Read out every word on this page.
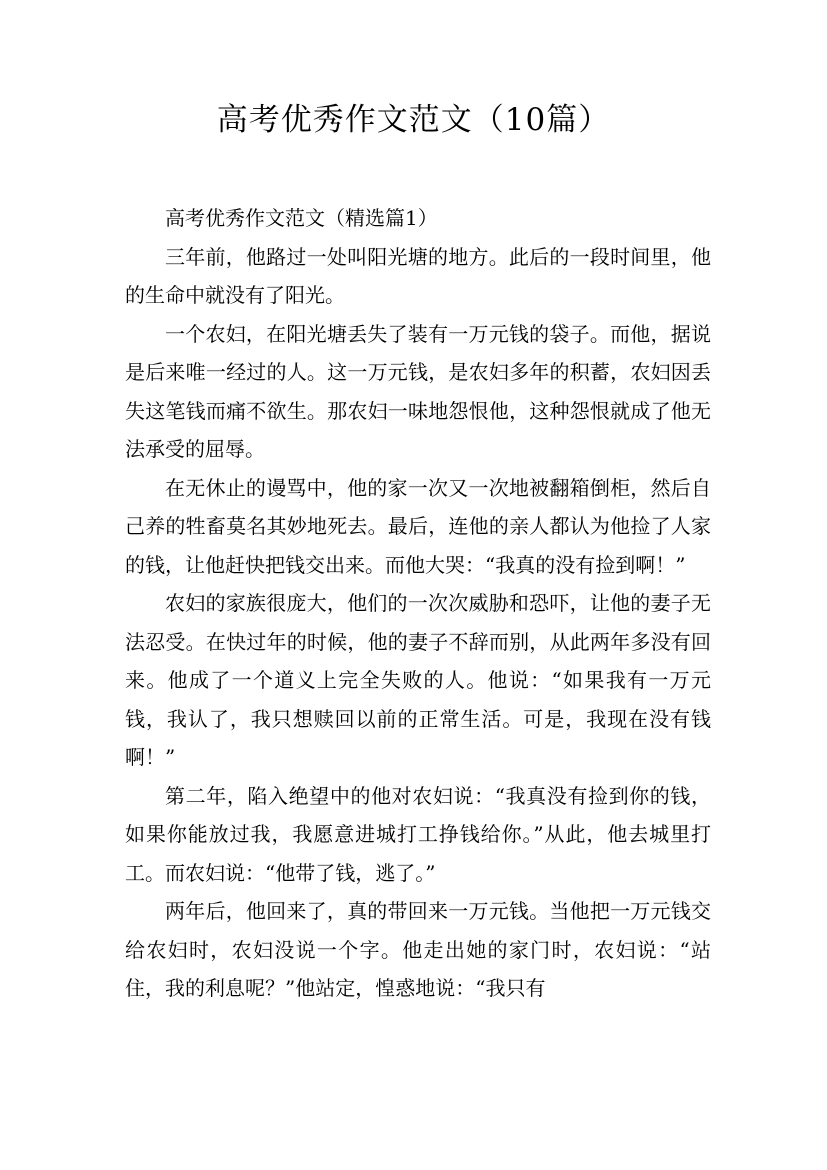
高考优秀作文范文（10篇）

高考优秀作文范文（精选篇1）

三年前，他路过一处叫阳光塘的地方。此后的一段时间里，他的生命中就没有了阳光。

一个农妇，在阳光塘丢失了装有一万元钱的袋子。而他，据说是后来唯一经过的人。这一万元钱，是农妇多年的积蓄，农妇因丢失这笔钱而痛不欲生。那农妇一味地怨恨他，这种怨恨就成了他无法承受的屈辱。

在无休止的谩骂中，他的家一次又一次地被翻箱倒柜，然后自己养的牲畜莫名其妙地死去。最后，连他的亲人都认为他捡了人家的钱，让他赶快把钱交出来。而他大哭：“我真的没有捡到啊！”

农妇的家族很庞大，他们的一次次威胁和恐吓，让他的妻子无法忍受。在快过年的时候，他的妻子不辞而别，从此两年多没有回来。他成了一个道义上完全失败的人。他说：“如果我有一万元钱，我认了，我只想赎回以前的正常生活。可是，我现在没有钱啊！”

第二年，陷入绝望中的他对农妇说：“我真没有捡到你的钱，如果你能放过我，我愿意进城打工挣钱给你。”从此，他去城里打工。而农妇说：“他带了钱，逃了。”

两年后，他回来了，真的带回来一万元钱。当他把一万元钱交给农妇时，农妇没说一个字。他走出她的家门时，农妇说：“站住，我的利息呢？”他站定，惶惑地说：“我只有
